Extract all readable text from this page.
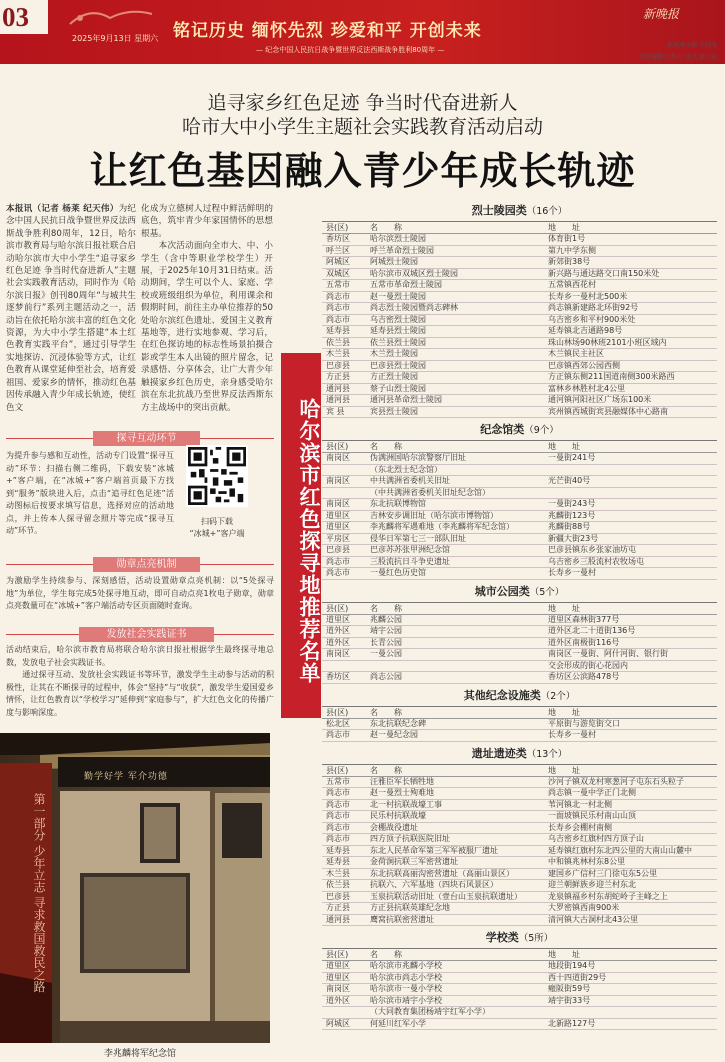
2025年9月13日 星期六 铭记历史 缅怀先烈 珍爱和平 开创未来
— 纪念中国人民抗日战争暨世界反法西斯战争胜利80周年 —
新晚报
03
值班副主编 王晓海
责任编辑 吕静力 版式 郝立武
追寻家乡红色足迹 争当时代奋进新人
哈市大中小学生主题社会实践教育活动启动
让红色基因融入青少年成长轨迹
本报讯（记者 杨莱 纪天伟）为纪念中国人民抗日战争暨世界反法西斯战争胜利80周年，12日，哈尔滨市教育局与哈尔滨日报社联合启动哈尔滨市大中小学生“追寻家乡红色足迹 争当时代奋进新人”主题社会实践教育活动，同时作为《哈尔滨日报》创刊80周年“与城共生 逐梦前行”系列主题活动之一，活动旨在依托哈尔滨丰富的红色文化资源，为大中小学生搭建“本土红色教育实践平台”，通过引导学生实地探访、沉浸体验等方式，让红色教育从课堂延伸至社会，培育爱祖国、爱家乡的情怀，推动红色基因传承融入青少年成长轨迹，使红色文
化成为立德树人过程中鲜活鲜明的底色，筑牢青少年家国情怀的思想根基。
　　本次活动面向全市大、中、小学生（含中等职业学校学生）开展，于2025年10月31日结束。活动期间，学生可以个人、家庭、学校或班级组织为单位，利用课余和假期时间，前往主办单位推荐的50处哈尔滨红色遗址、爱国主义教育基地等，进行实地参观、学习后，在红色探访地的标志性场景拍摄合影或学生本人出镜的照片留念，记录感悟、分享体会，让广大青少年触摸家乡红色历史，亲身感受哈尔滨在东北抗战乃至世界反法西斯东方主战场中的突出贡献。
探寻互动环节
为提升参与感和互动性，活动专门设置“探寻互动”环节：扫描右侧二维码，下载安装“冰城+”客户端，在“冰城+”客户端首页最下方找到“服务”版块进入后，点击“追寻红色足迹”活动图标后按要求填写信息，选择对应的活动地点，并上传本人探寻留念照片等完成“探寻互动”环节。
扫码下载
“冰城+”客户端
勋章点亮机制
为激励学生持续参与、深刻感悟，活动设置勋章点亮机制：以“5处探寻地”为单位，学生每完成5处探寻地互动，即可自动点亮1枚电子勋章，勋章点亮数量可在“冰城+”客户端活动专区页面随时查询。
发放社会实践证书
活动结束后，哈尔滨市教育局将联合哈尔滨日报社根据学生最终探寻地总数，发放电子社会实践证书。
　　通过探寻互动、发放社会实践证书等环节，激发学生主动参与活动的积极性，让其在不断探寻的过程中，体会“坚持”与“收获”，激发学生爱国爱乡情怀，让红色教育以“学校学习”延伸到“家庭参与”，扩大红色文化的传播广度与影响深度。
勤学好学 军介功德
第一部分 少年立志 寻求救国救民之路
李兆麟将军纪念馆
哈尔滨市红色探寻地推荐名单
烈士陵园类（16个）
县(区)	名　　称	地　　址
香坊区	哈尔滨烈士陵园	体育街1号
呼兰区	呼兰革命烈士陵园	第九中学东侧
阿城区	阿城烈士陵园	新郊街38号
双城区	哈尔滨市双城区烈士陵园	新兴路与通达路交口南150米处
五常市	五常市革命烈士陵园	五常镇西花村
尚志市	赵一曼烈士陵园	长寿乡一曼村北500米
尚志市	尚志烈士陵园暨尚志碑林	尚志镇新建路北环街92号
尚志市	乌吉密烈士陵园	乌吉密乡和平村900米处
延寿县	延寿县烈士陵园	延寿镇北吉通路98号
依兰县	依兰县烈士陵园	珠山林场90林班2101小班区域内
木兰县	木兰烈士陵园	木兰镇民主社区
巴彦县	巴彦县烈士陵园	巴彦镇西郊公园西侧
方正县	方正烈士陵园	方正镇东侧211国道南侧300米路西
通河县	蔡子山烈士陵园	富林乡林胜村北4公里
通河县	通河县革命烈士陵园	通河镇河阳社区广场东100米
宾 县	宾县烈士陵园	宾州镇西城街宾县融媒体中心路南
纪念馆类（9个）
县(区)	名　　称	地　　址
南岗区	伪满洲国哈尔滨警察厅旧址	一曼街241号
	（东北烈士纪念馆）	
南岗区	中共满洲省委机关旧址	光芒街40号
	（中共满洲省委机关旧址纪念馆）	
南岗区	东北抗联博物馆	一曼街243号
道里区	吉林安步调旧址（哈尔滨市博物馆）	兆麟街123号
道里区	李兆麟将军遇难地（李兆麟将军纪念馆）	兆麟街88号
平房区	侵华日军第七三一部队旧址	新疆大街23号
巴彦县	巴彦苏苏张甲洲纪念馆	巴彦县镇东乡张家油坊屯
尚志市	三股流抗日斗争史遗址	乌吉密乡三股流村农牧场屯
尚志市	一曼红色历史馆	长寿乡一曼村
城市公园类（5个）
县(区)	名　　称	地　　址
道里区	兆麟公园	道里区森林街377号
道外区	靖宇公园	道外区北二十道街136号
道外区	长青公园	道外区南极街116号
南岗区	一曼公园	南岗区一曼街、阿什河街、银行街
		交会形成的街心花园内
香坊区	尚志公园	香坊区公滨路478号
其他纪念设施类（2个）
县(区)	名　　称	地　　址
松北区	东北抗联纪念碑	平原街与游览街交口
尚志市	赵一曼纪念园	长寿乡一曼村
遗址遗迹类（13个）
县(区)	名　　称	地　　址
五常市	汪雅臣军长牺牲地	沙河子镇双龙村寒葱河子屯东石头粒子
尚志市	赵一曼烈士殉难地	尚志镇一曼中学正门北侧
尚志市	北一村抗联战壕工事	苇河镇北一村北侧
尚志市	民乐村抗联战壕	一面坡镇民乐村南山山顶
尚志市	会棚战役遗址	长寿乡会棚村南侧
尚志市	四方顶子抗联医院旧址	乌吉密乡红旗村四方顶子山
延寿县	东北人民革命军第三军军被服厂遗址	延寿镇红旗村东北四公里的大南山山麓中
延寿县	金荷涧抗联三军密营遗址	中和镇兆林村东8公里
木兰县	东北抗联高丽沟密营遗址（高丽山景区）	建国乡广信村三门徐屯东5公里
依兰县	抗联六、六军基地（四块石风景区）	迎兰朝鲜族乡迎兰村东北
巴彦县	玉泉抗联活动旧址（壹台山玉泉抗联遗址）	龙泉镇福乡村东胡蛇岭子主峰之上
方正县	方正县抗联英雄纪念地	大罗密镇西南900米
通河县	鹰窝抗联密营遗址	清河镇大古洞村北43公里
学校类（5所）
县(区)	名　　称	地　　址
道里区	哈尔滨市兆麟小学校	地段街194号
道里区	哈尔滨市尚志小学校	西十四道街29号
南岗区	哈尔滨市一曼小学校	瘢阪街59号
道外区	哈尔滨市靖宇小学校	靖宇街33号
	（大同教育集团杨靖宇红军小学）	
阿城区	何延川红军小学	北新路127号
